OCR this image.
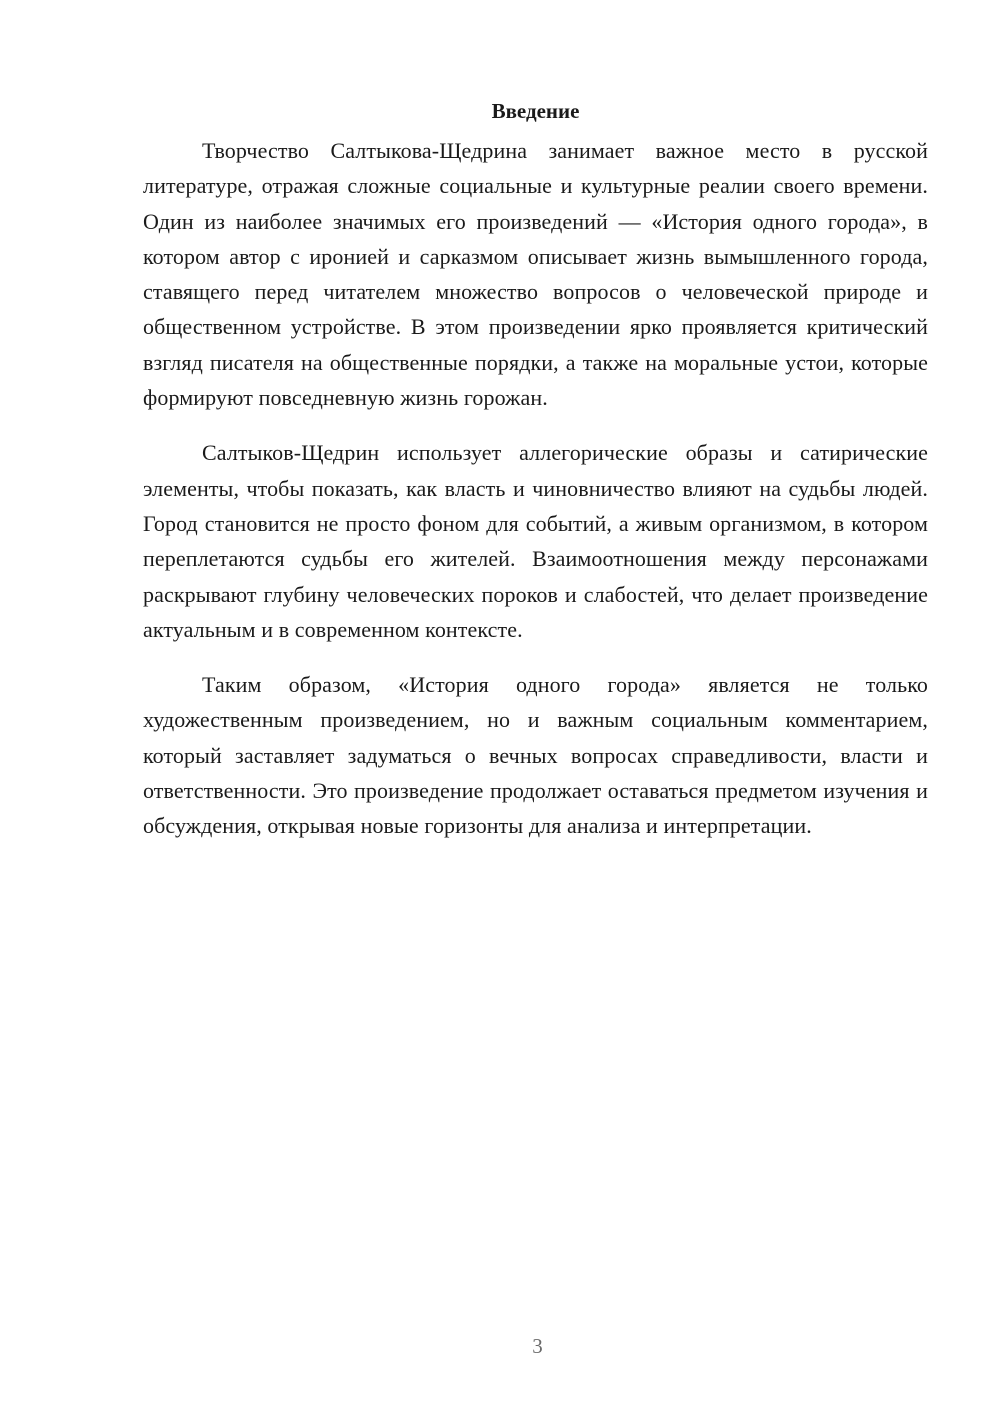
Введение

Творчество Салтыкова-Щедрина занимает важное место в русской литературе, отражая сложные социальные и культурные реалии своего времени. Один из наиболее значимых его произведений — «История одного города», в котором автор с иронией и сарказмом описывает жизнь вымышленного города, ставящего перед читателем множество вопросов о человеческой природе и общественном устройстве. В этом произведении ярко проявляется критический взгляд писателя на общественные порядки, а также на моральные устои, которые формируют повседневную жизнь горожан.

Салтыков-Щедрин использует аллегорические образы и сатирические элементы, чтобы показать, как власть и чиновничество влияют на судьбы людей. Город становится не просто фоном для событий, а живым организмом, в котором переплетаются судьбы его жителей. Взаимоотношения между персонажами раскрывают глубину человеческих пороков и слабостей, что делает произведение актуальным и в современном контексте.

Таким образом, «История одного города» является не только художественным произведением, но и важным социальным комментарием, который заставляет задуматься о вечных вопросах справедливости, власти и ответственности. Это произведение продолжает оставаться предметом изучения и обсуждения, открывая новые горизонты для анализа и интерпретации.

3
